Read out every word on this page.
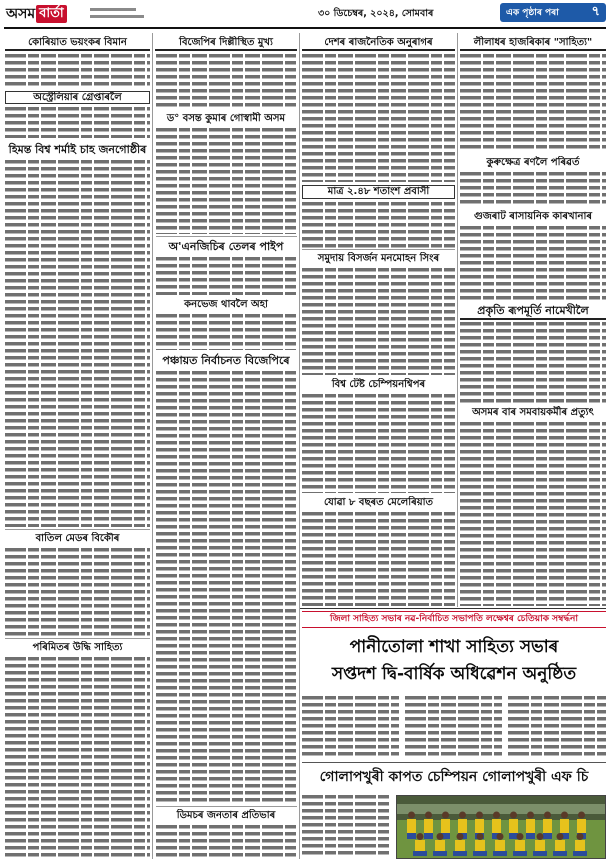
অসম বাৰ্তা	৩০ ডিচেম্বৰ, ২০২৪, সোমবাৰ	এক পৃষ্ঠাৰ পৰা	৭
কোৰিয়াত ভয়ংকৰ বিমান
অস্ট্ৰেলিয়াৰ গ্ৰেপ্তাৰলৈ
হিমন্ত বিশ্ব শৰ্মাই চাহ জনগোষ্ঠীৰ
বাতিল মেডৰ বিকৌৰ
পৰিমিতৰ উদ্ধি সাহিত্য
বিজেপিৰ দিল্লীস্থিত মুখ্য
ড° বসন্ত কুমাৰ গোস্বামী অসম
অ'এনজিচিৰ তেলৰ পাইপ
কনভেজ থাবলৈ অহা
পঞ্চায়ত নিৰ্বাচনত বিজেপিৰে
ডিমচৰ জনতাৰ প্ৰতিভাৰ
দেশৰ ৰাজনৈতিক অনুৰাগৰ
মাত্ৰ ২.৪৮ শতাংশ প্ৰবাসী
সমুদায় বিসৰ্জন মনমোহন সিংৰ
বিশ্ব টেষ্ট চেম্পিয়নশ্বিপৰ
যোৱা ৮ বছৰত মেলেৰিয়াত
লীলাধৰ হাজৰিকাৰ "সাহিত্য"
কুৰুক্ষেত্ৰ ৰণলৈ পৰিৱৰ্ত
গুজৰাট ৰাসায়নিক কাৰখানাৰ
প্ৰকৃতি ৰূপমূৰ্তি নামেখীলৈ
অসমৰ বাৰ সমবায়কৰ্মীৰ প্ৰত্যুৎ
জিলা সাহিত্য সভাৰ নৱ-নিৰ্বাচিত সভাপতি লক্ষেশ্বৰ চেতিয়াক সম্বৰ্দ্ধনা
পানীতোলা শাখা সাহিত্য সভাৰ
সপ্তদশ দ্বি-বাৰ্ষিক অধিৱেশন অনুষ্ঠিত
গোলাপখুৰী কাপত চেম্পিয়ন গোলাপখুৰী এফ চি
